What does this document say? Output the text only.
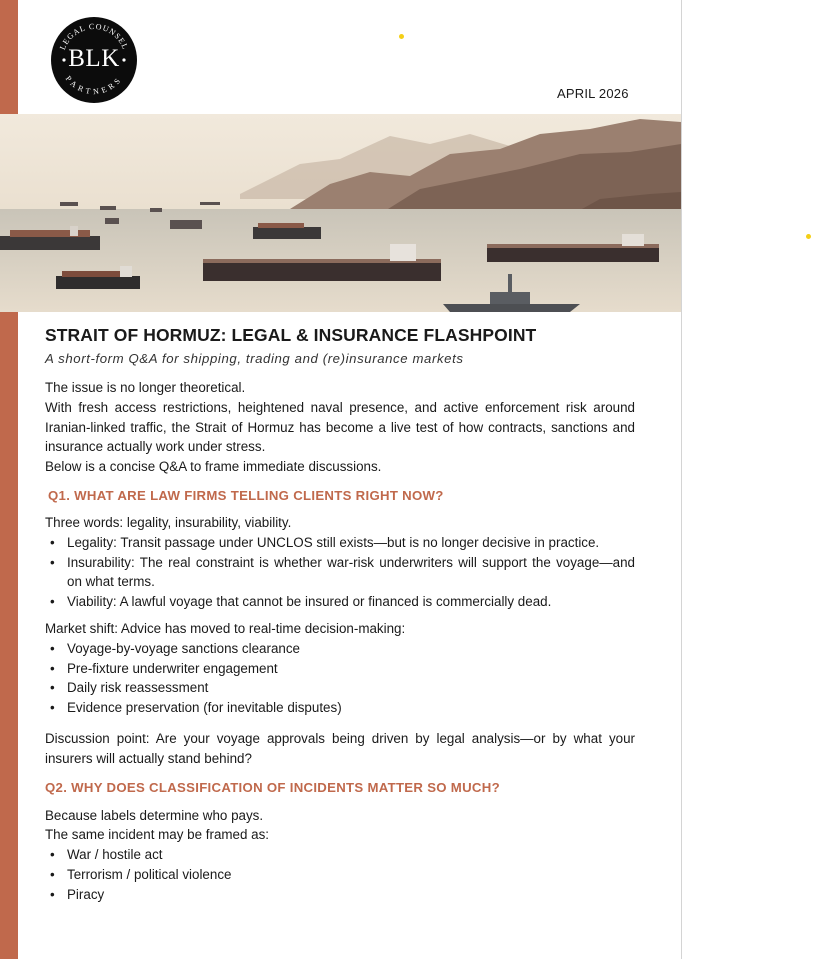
LEGAL COUNSEL
PARTNERS
BLK
APRIL 2026
STRAIT OF HORMUZ: LEGAL & INSURANCE FLASHPOINT
A short-form Q&A for shipping, trading and (re)insurance markets

The issue is no longer theoretical.

With fresh access restrictions, heightened naval presence, and active enforcement risk around Iranian-linked traffic, the Strait of Hormuz has become a live test of how contracts, sanctions and insurance actually work under stress.

Below is a concise Q&A to frame immediate discussions.

Q1. WHAT ARE LAW FIRMS TELLING CLIENTS RIGHT NOW?

Three words: legality, insurability, viability.

• Legality: Transit passage under UNCLOS still exists—but is no longer decisive in practice.
• Insurability: The real constraint is whether war-risk underwriters will support the voyage—and on what terms.
• Viability: A lawful voyage that cannot be insured or financed is commercially dead.

Market shift: Advice has moved to real-time decision-making:

• Voyage-by-voyage sanctions clearance
• Pre-fixture underwriter engagement
• Daily risk reassessment
• Evidence preservation (for inevitable disputes)

Discussion point: Are your voyage approvals being driven by legal analysis—or by what your insurers will actually stand behind?

Q2. WHY DOES CLASSIFICATION OF INCIDENTS MATTER SO MUCH?

Because labels determine who pays.

The same incident may be framed as:

• War / hostile act
• Terrorism / political violence
• Piracy
